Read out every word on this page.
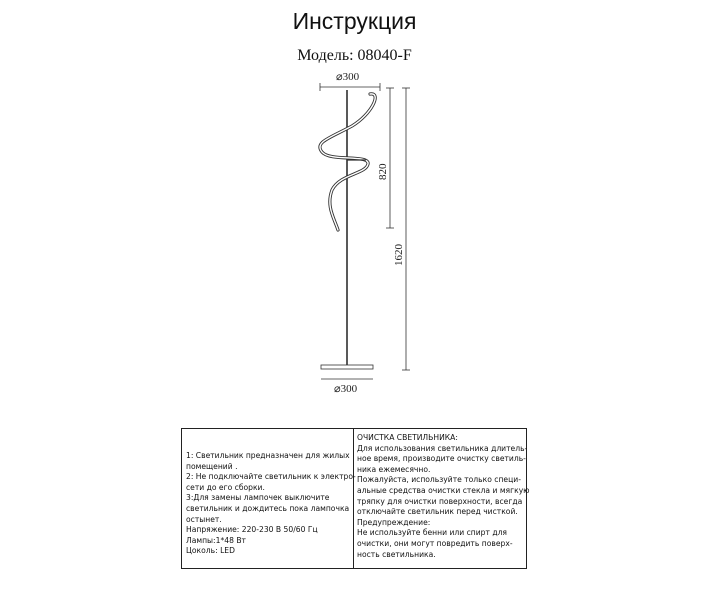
Инструкция
Модель: 08040-F
⌀300
⌀300
820
1620
1: Светильник предназначен для жилых
помещений .
2: Не подключайте светильник к электро-
сети до его сборки.
3:Для замены лампочек выключите
светильник и дождитесь пока лампочка
остынет.
Напряжение: 220-230 В 50/60 Гц
Лампы:1*48 Вт
Цоколь: LED
ОЧИСТКА СВЕТИЛЬНИКА:
Для использования светильника длитель-
ное время, производите очистку светиль-
ника ежемесячно.
Пожалуйста, используйте только специ-
альные средства очистки стекла и мягкую
тряпку для очистки поверхности, всегда
отключайте светильник перед чисткой.
Предупреждение:
Не используйте бенни или спирт для
очистки, они могут повредить поверх-
ность светильника.
